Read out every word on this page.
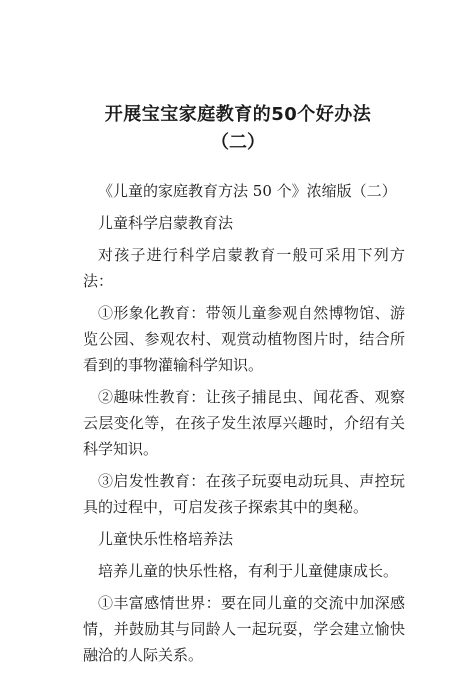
开展宝宝家庭教育的50个好办法
（二）

《儿童的家庭教育方法 50 个》浓缩版（二）

儿童科学启蒙教育法

对孩子进行科学启蒙教育一般可采用下列方法：

①形象化教育：带领儿童参观自然博物馆、游览公园、参观农村、观赏动植物图片时，结合所看到的事物灌输科学知识。

②趣味性教育：让孩子捕昆虫、闻花香、观察云层变化等，在孩子发生浓厚兴趣时，介绍有关科学知识。

③启发性教育：在孩子玩耍电动玩具、声控玩具的过程中，可启发孩子探索其中的奥秘。

儿童快乐性格培养法

培养儿童的快乐性格，有利于儿童健康成长。

①丰富感情世界：要在同儿童的交流中加深感情，并鼓励其与同龄人一起玩耍，学会建立愉快融洽的人际关系。
